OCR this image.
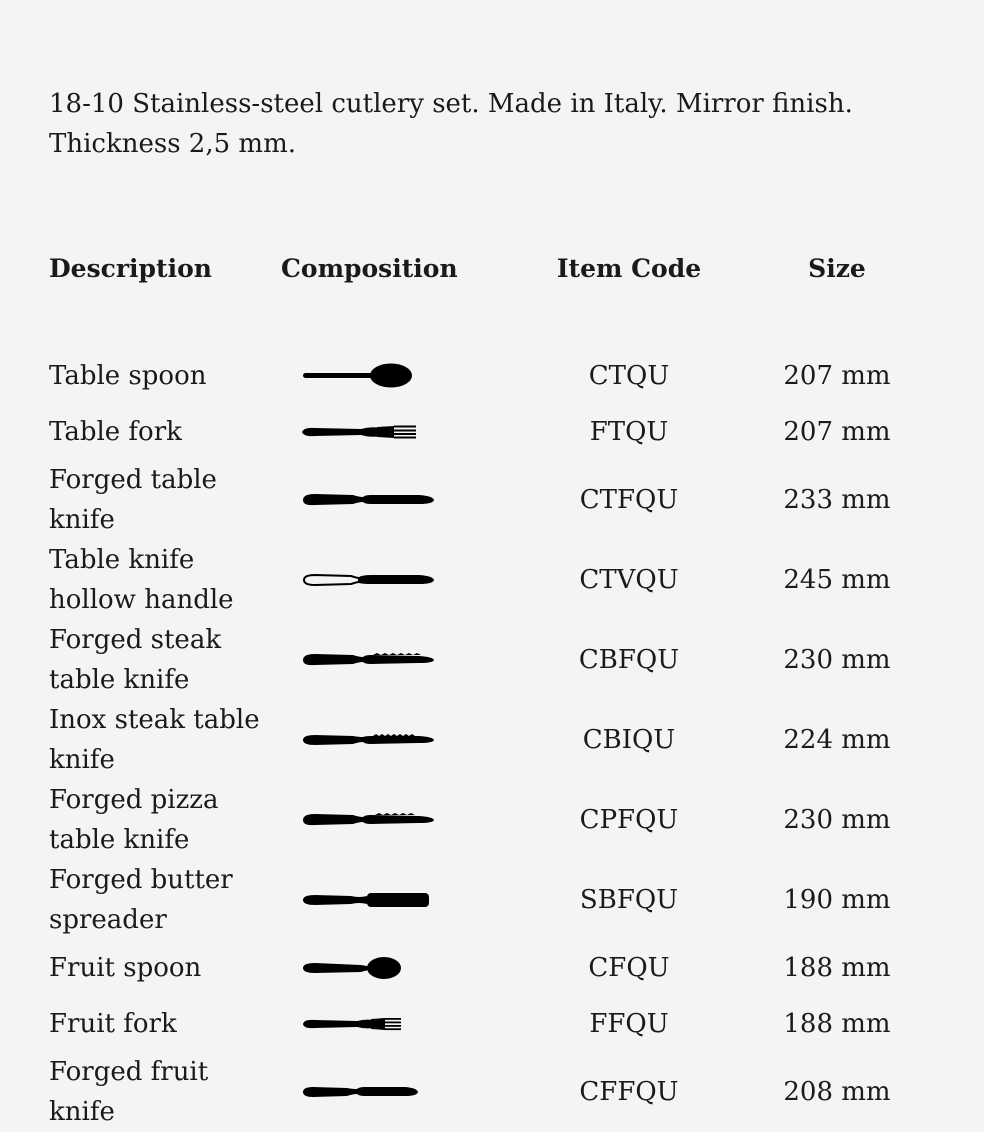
18-10 Stainless-steel cutlery set. Made in Italy. Mirror finish. Thickness 2,5 mm.

Description	Composition	Item Code	Size

Table spoon		CTQU	207 mm
Table fork		FTQU	207 mm
Forged table knife		CTFQU	233 mm
Table knife hollow handle		CTVQU	245 mm
Forged steak table knife		CBFQU	230 mm
Inox steak table knife		CBIQU	224 mm
Forged pizza table knife		CPFQU	230 mm
Forged butter spreader		SBFQU	190 mm
Fruit spoon		CFQU	188 mm
Fruit fork		FFQU	188 mm
Forged fruit knife		CFFQU	208 mm
